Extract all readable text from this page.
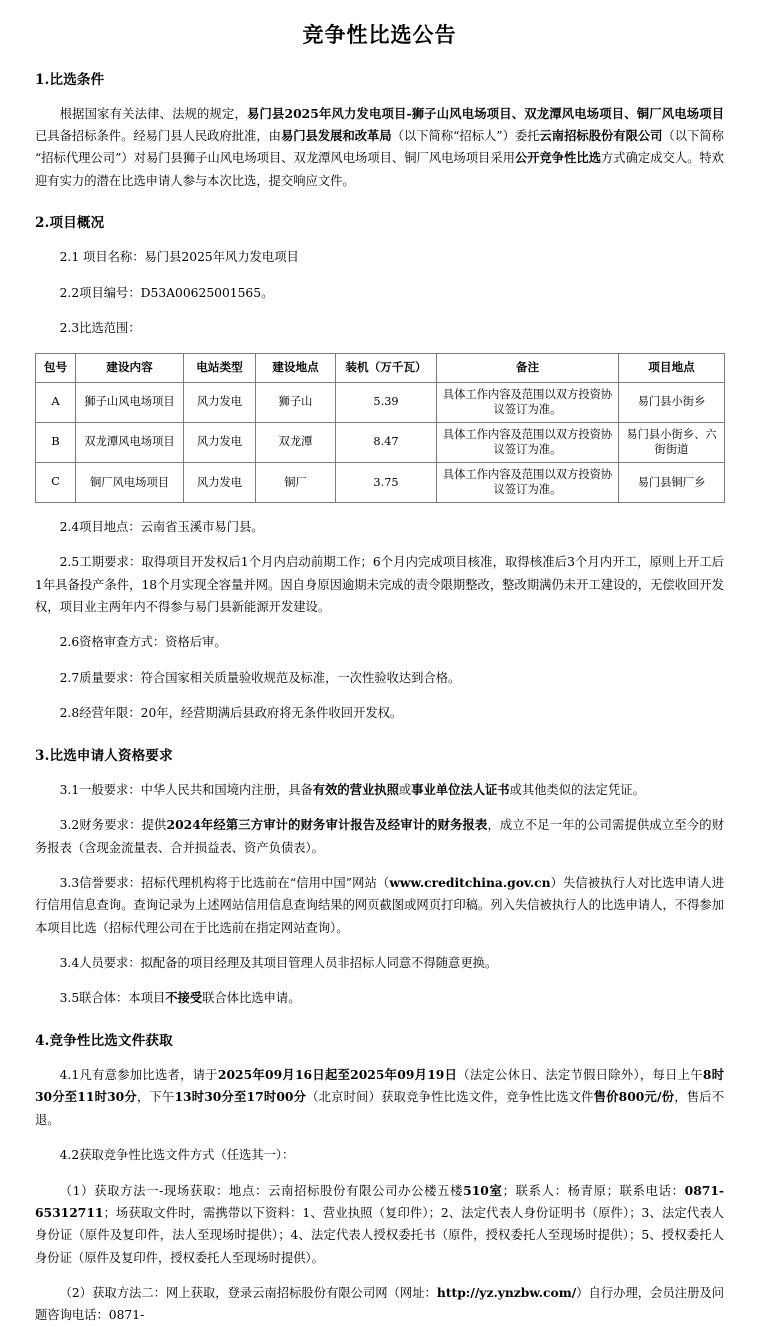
竞争性比选公告
1.比选条件

根据国家有关法律、法规的规定，易门县2025年风力发电项目-狮子山风电场项目、双龙潭风电场项目、铜厂风电场项目已具备招标条件。经易门县人民政府批准，由易门县发展和改革局（以下简称“招标人”）委托云南招标股份有限公司（以下简称“招标代理公司”）对易门县狮子山风电场项目、双龙潭风电场项目、铜厂风电场项目采用公开竞争性比选方式确定成交人。特欢迎有实力的潜在比选申请人参与本次比选，提交响应文件。

2.项目概况

2.1 项目名称：易门县2025年风力发电项目

2.2项目编号：D53A00625001565。

2.3比选范围：

包号	建设内容	电站类型	建设地点	装机（万千瓦）	备注	项目地点
A	狮子山风电场项目	风力发电	狮子山	5.39	具体工作内容及范围以双方投资协议签订为准。	易门县小街乡
B	双龙潭风电场项目	风力发电	双龙潭	8.47	具体工作内容及范围以双方投资协议签订为准。	易门县小街乡、六街街道
C	铜厂风电场项目	风力发电	铜厂	3.75	具体工作内容及范围以双方投资协议签订为准。	易门县铜厂乡

2.4项目地点：云南省玉溪市易门县。

2.5工期要求：取得项目开发权后1个月内启动前期工作；6个月内完成项目核准，取得核准后3个月内开工，原则上开工后1年具备投产条件，18个月实现全容量并网。因自身原因逾期未完成的责令限期整改，整改期满仍未开工建设的，无偿收回开发权，项目业主两年内不得参与易门县新能源开发建设。

2.6资格审查方式：资格后审。

2.7质量要求：符合国家相关质量验收规范及标准，一次性验收达到合格。

2.8经营年限：20年，经营期满后县政府将无条件收回开发权。

3.比选申请人资格要求

3.1一般要求：中华人民共和国境内注册，具备有效的营业执照或事业单位法人证书或其他类似的法定凭证。

3.2财务要求：提供2024年经第三方审计的财务审计报告及经审计的财务报表，成立不足一年的公司需提供成立至今的财务报表（含现金流量表、合并损益表、资产负债表）。

3.3信誉要求：招标代理机构将于比选前在“信用中国”网站（www.creditchina.gov.cn）失信被执行人对比选申请人进行信用信息查询。查询记录为上述网站信用信息查询结果的网页截图或网页打印稿。列入失信被执行人的比选申请人，不得参加本项目比选（招标代理公司在于比选前在指定网站查询）。

3.4人员要求：拟配备的项目经理及其项目管理人员非招标人同意不得随意更换。

3.5联合体：本项目不接受联合体比选申请。

4.竞争性比选文件获取

4.1凡有意参加比选者，请于2025年09月16日起至2025年09月19日（法定公休日、法定节假日除外），每日上午8时30分至11时30分，下午13时30分至17时00分（北京时间）获取竞争性比选文件，竞争性比选文件售价800元/份，售后不退。

4.2获取竞争性比选文件方式（任选其一）：

（1）获取方法一-现场获取：地点：云南招标股份有限公司办公楼五楼510室；联系人：杨青原；联系电话：0871-65312711；场获取文件时，需携带以下资料：1、营业执照（复印件）；2、法定代表人身份证明书（原件）；3、法定代表人身份证（原件及复印件，法人至现场时提供）；4、法定代表人授权委托书（原件，授权委托人至现场时提供）；5、授权委托人身份证（原件及复印件，授权委托人至现场时提供）。

（2）获取方法二：网上获取，登录云南招标股份有限公司网（网址：http://yz.ynzbw.com/）自行办理，会员注册及问题咨询电话：0871-
